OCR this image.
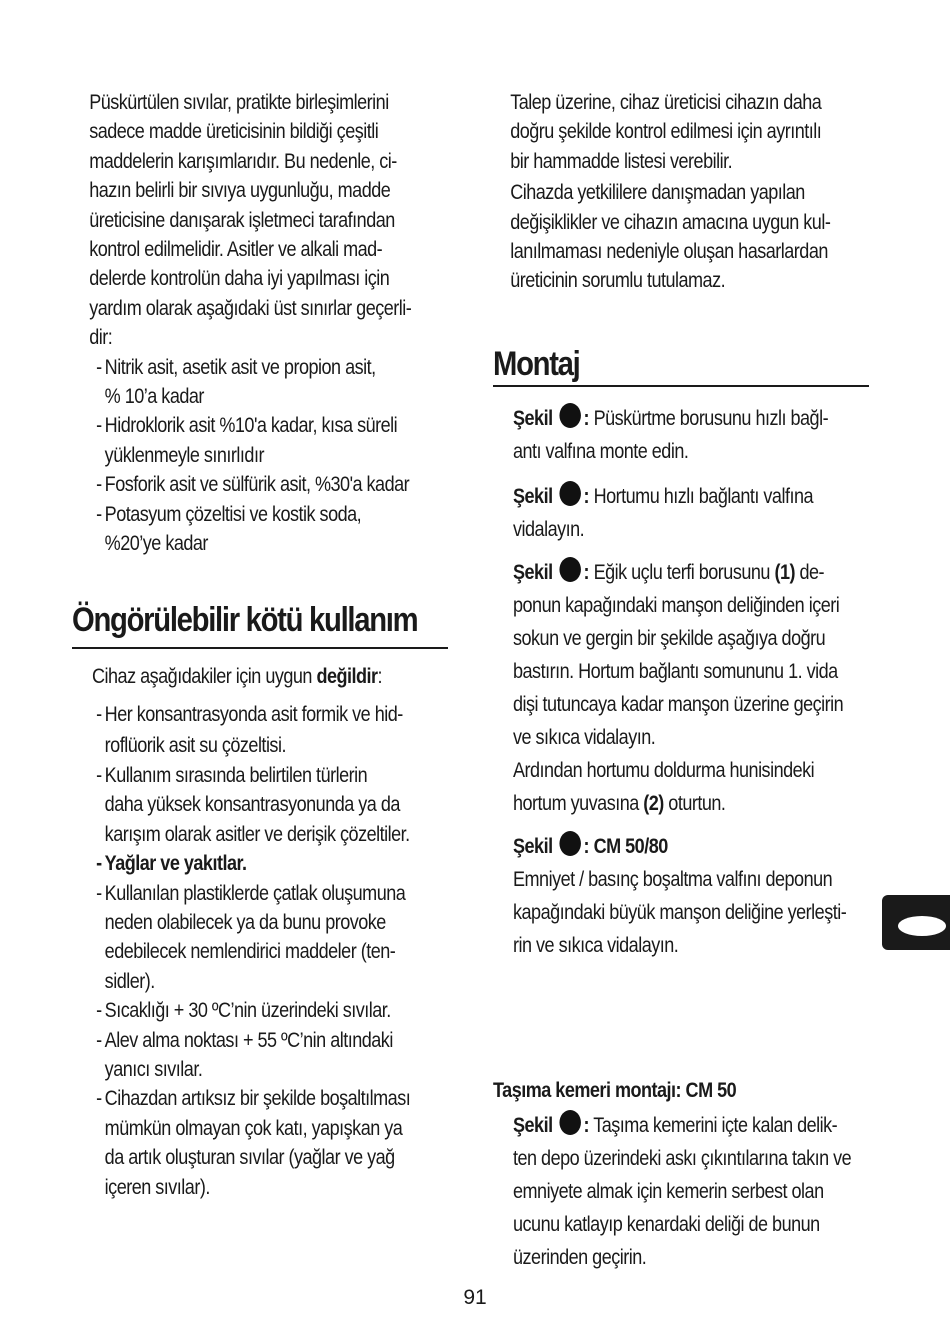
Püskürtülen sıvılar, pratikte birleşimlerini
sadece madde üreticisinin bildiği çeşitli
maddelerin karışımlarıdır. Bu nedenle, ci-
hazın belirli bir sıvıya uygunluğu, madde
üreticisine danışarak işletmeci tarafından
kontrol edilmelidir. Asitler ve alkali mad-
delerde kontrolün daha iyi yapılması için
yardım olarak aşağıdaki üst sınırlar geçerli-
dir:
- Nitrik asit, asetik asit ve propion asit,
% 10’a kadar
- Hidroklorik asit %10'a kadar, kısa süreli
yüklenmeyle sınırlıdır
- Fosforik asit ve sülfürik asit, %30'a kadar
- Potasyum çözeltisi ve kostik soda,
%20’ye kadar
Öngörülebilir kötü kullanım
Cihaz aşağıdakiler için uygun değildir:
- Her konsantrasyonda asit formik ve hid-
roflüorik asit su çözeltisi.
- Kullanım sırasında belirtilen türlerin
daha yüksek konsantrasyonunda ya da
karışım olarak asitler ve derişik çözeltiler.
- Yağlar ve yakıtlar.
- Kullanılan plastiklerde çatlak oluşumuna
neden olabilecek ya da bunu provoke
edebilecek nemlendirici maddeler (ten-
sidler).
- Sıcaklığı + 30 ºC’nin üzerindeki sıvılar.
- Alev alma noktası + 55 ºC’nin altındaki
yanıcı sıvılar.
- Cihazdan artıksız bir şekilde boşaltılması
mümkün olmayan çok katı, yapışkan ya
da artık oluşturan sıvılar (yağlar ve yağ
içeren sıvılar).
Talep üzerine, cihaz üreticisi cihazın daha
doğru şekilde kontrol edilmesi için ayrıntılı
bir hammadde listesi verebilir.
Cihazda yetkililere danışmadan yapılan
değişiklikler ve cihazın amacına uygun kul-
lanılmaması nedeniyle oluşan hasarlardan
üreticinin sorumlu tutulamaz.
Montaj
Şekil : Püskürtme borusunu hızlı bağl-
antı valfına monte edin.
Şekil : Hortumu hızlı bağlantı valfına
vidalayın.
Şekil : Eğik uçlu terfi borusunu (1) de-
ponun kapağındaki manşon deliğinden içeri
sokun ve gergin bir şekilde aşağıya doğru
bastırın. Hortum bağlantı somununu 1. vida
dişi tutuncaya kadar manşon üzerine geçirin
ve sıkıca vidalayın.
Ardından hortumu doldurma hunisindeki
hortum yuvasına (2) oturtun.
Şekil : CM 50/80
Emniyet / basınç boşaltma valfını deponun
kapağındaki büyük manşon deliğine yerleşti-
rin ve sıkıca vidalayın.
Taşıma kemeri montajı: CM 50
Şekil : Taşıma kemerini içte kalan delik-
ten depo üzerindeki askı çıkıntılarına takın ve
emniyete almak için kemerin serbest olan
ucunu katlayıp kenardaki deliği de bunun
üzerinden geçirin.
91
